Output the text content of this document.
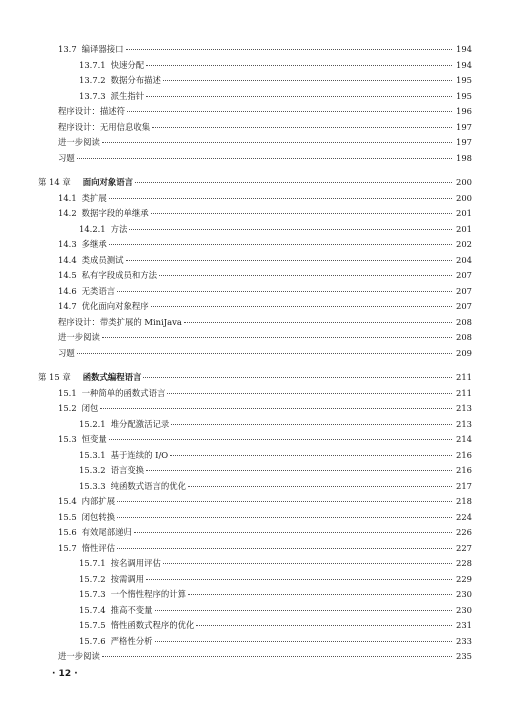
13.7 编译器接口	194
13.7.1 快速分配	194
13.7.2 数据分布描述	195
13.7.3 派生指针	195
程序设计：描述符	196
程序设计：无用信息收集	197
进一步阅读	197
习题	198
第 14 章 面向对象语言	200
14.1 类扩展	200
14.2 数据字段的单继承	201
14.2.1 方法	201
14.3 多继承	202
14.4 类成员测试	204
14.5 私有字段成员和方法	207
14.6 无类语言	207
14.7 优化面向对象程序	207
程序设计：带类扩展的 MiniJava	208
进一步阅读	208
习题	209
第 15 章 函数式编程语言	211
15.1 一种简单的函数式语言	211
15.2 闭包	213
15.2.1 堆分配激活记录	213
15.3 恒变量	214
15.3.1 基于连续的 I/O	216
15.3.2 语言变换	216
15.3.3 纯函数式语言的优化	217
15.4 内部扩展	218
15.5 闭包转换	224
15.6 有效尾部递归	226
15.7 惰性评估	227
15.7.1 按名调用评估	228
15.7.2 按需调用	229
15.7.3 一个惰性程序的计算	230
15.7.4 推高不变量	230
15.7.5 惰性函数式程序的优化	231
15.7.6 严格性分析	233
进一步阅读	235
· 12 ·
